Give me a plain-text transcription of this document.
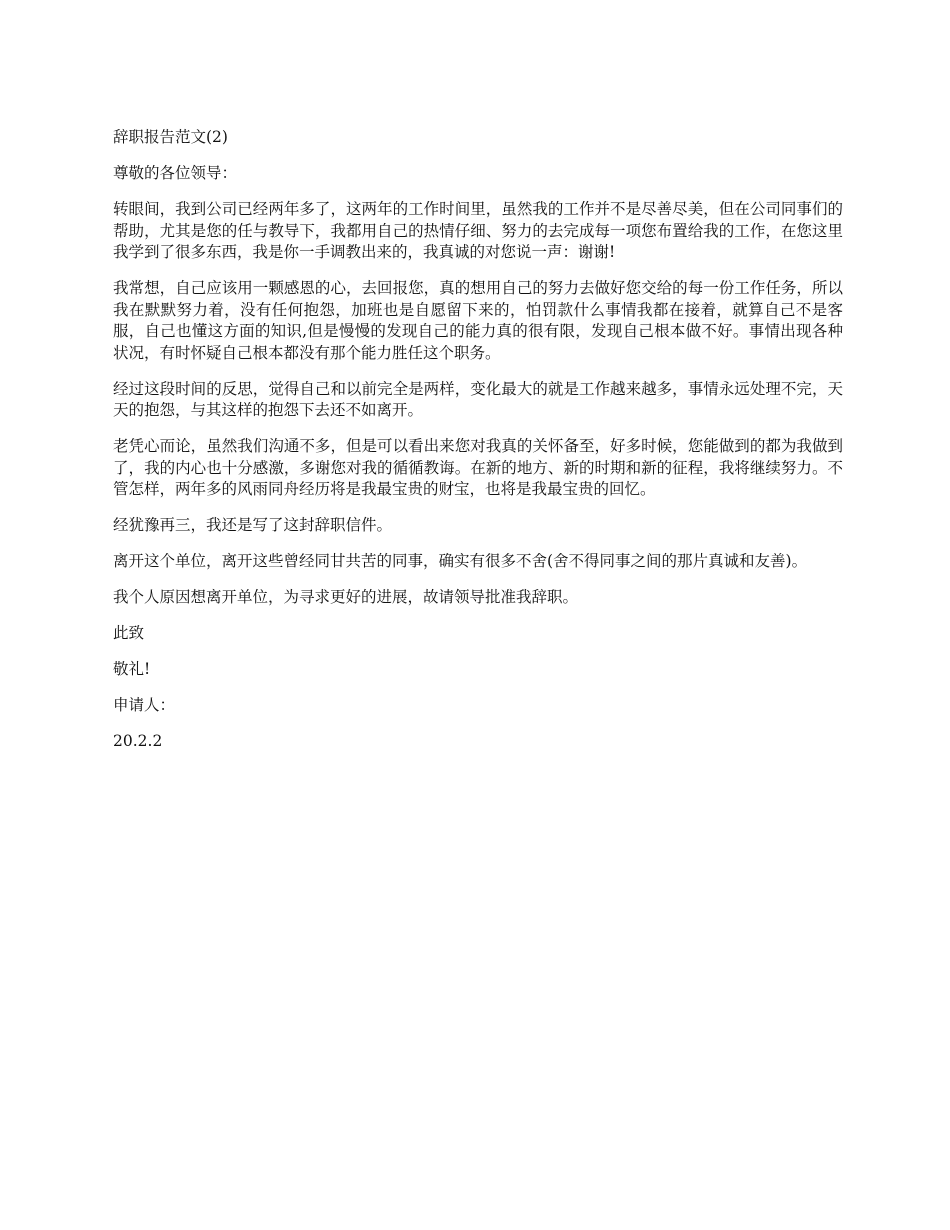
辞职报告范文(2)

尊敬的各位领导：

转眼间，我到公司已经两年多了，这两年的工作时间里，虽然我的工作并不是尽善尽美，但在公司同事们的帮助，尤其是您的任与教导下，我都用自己的热情仔细、努力的去完成每一项您布置给我的工作，在您这里我学到了很多东西，我是你一手调教出来的，我真诚的对您说一声：谢谢!

我常想，自己应该用一颗感恩的心，去回报您，真的想用自己的努力去做好您交给的每一份工作任务，所以我在默默努力着，没有任何抱怨，加班也是自愿留下来的，怕罚款什么事情我都在接着，就算自己不是客服，自己也懂这方面的知识,但是慢慢的发现自己的能力真的很有限，发现自己根本做不好。事情出现各种状况，有时怀疑自己根本都没有那个能力胜任这个职务。

经过这段时间的反思，觉得自己和以前完全是两样，变化最大的就是工作越来越多，事情永远处理不完，天天的抱怨，与其这样的抱怨下去还不如离开。

老凭心而论，虽然我们沟通不多，但是可以看出来您对我真的关怀备至，好多时候，您能做到的都为我做到了，我的内心也十分感激，多谢您对我的循循教诲。在新的地方、新的时期和新的征程，我将继续努力。不管怎样，两年多的风雨同舟经历将是我最宝贵的财宝，也将是我最宝贵的回忆。

经犹豫再三，我还是写了这封辞职信件。

离开这个单位，离开这些曾经同甘共苦的同事，确实有很多不舍(舍不得同事之间的那片真诚和友善)。

我个人原因想离开单位，为寻求更好的进展，故请领导批准我辞职。

此致

敬礼!

申请人：

20.2.2
